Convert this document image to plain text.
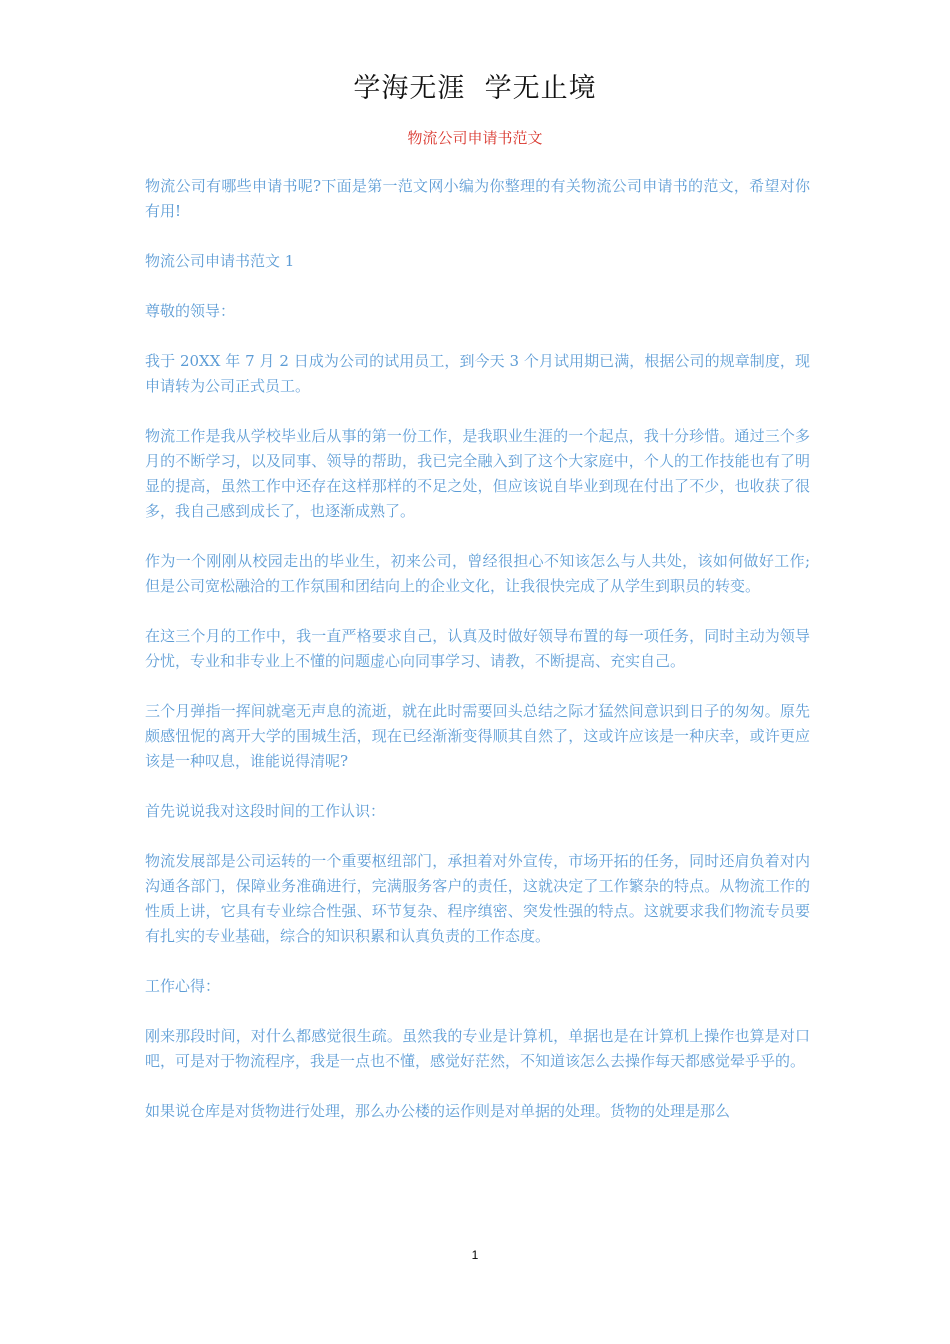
学海无涯  学无止境
物流公司申请书范文

物流公司有哪些申请书呢?下面是第一范文网小编为你整理的有关物流公司申请书的范文，希望对你有用!

物流公司申请书范文 1

尊敬的领导：

我于 20XX 年 7 月 2 日成为公司的试用员工，到今天 3 个月试用期已满，根据公司的规章制度，现申请转为公司正式员工。

物流工作是我从学校毕业后从事的第一份工作，是我职业生涯的一个起点，我十分珍惜。通过三个多月的不断学习，以及同事、领导的帮助，我已完全融入到了这个大家庭中，个人的工作技能也有了明显的提高，虽然工作中还存在这样那样的不足之处，但应该说自毕业到现在付出了不少，也收获了很多，我自己感到成长了，也逐渐成熟了。

作为一个刚刚从校园走出的毕业生，初来公司，曾经很担心不知该怎么与人共处，该如何做好工作;但是公司宽松融洽的工作氛围和团结向上的企业文化，让我很快完成了从学生到职员的转变。

在这三个月的工作中，我一直严格要求自己，认真及时做好领导布置的每一项任务，同时主动为领导分忧，专业和非专业上不懂的问题虚心向同事学习、请教，不断提高、充实自己。

三个月弹指一挥间就毫无声息的流逝，就在此时需要回头总结之际才猛然间意识到日子的匆匆。原先颇感忸怩的离开大学的围城生活，现在已经渐渐变得顺其自然了，这或许应该是一种庆幸，或许更应该是一种叹息，谁能说得清呢?

首先说说我对这段时间的工作认识：

物流发展部是公司运转的一个重要枢纽部门，承担着对外宣传，市场开拓的任务，同时还肩负着对内沟通各部门，保障业务准确进行，完满服务客户的责任，这就决定了工作繁杂的特点。从物流工作的性质上讲，它具有专业综合性强、环节复杂、程序缜密、突发性强的特点。这就要求我们物流专员要有扎实的专业基础，综合的知识积累和认真负责的工作态度。

工作心得：

刚来那段时间，对什么都感觉很生疏。虽然我的专业是计算机，单据也是在计算机上操作也算是对口吧，可是对于物流程序，我是一点也不懂，感觉好茫然，不知道该怎么去操作每天都感觉晕乎乎的。

如果说仓库是对货物进行处理，那么办公楼的运作则是对单据的处理。货物的处理是那么

1
